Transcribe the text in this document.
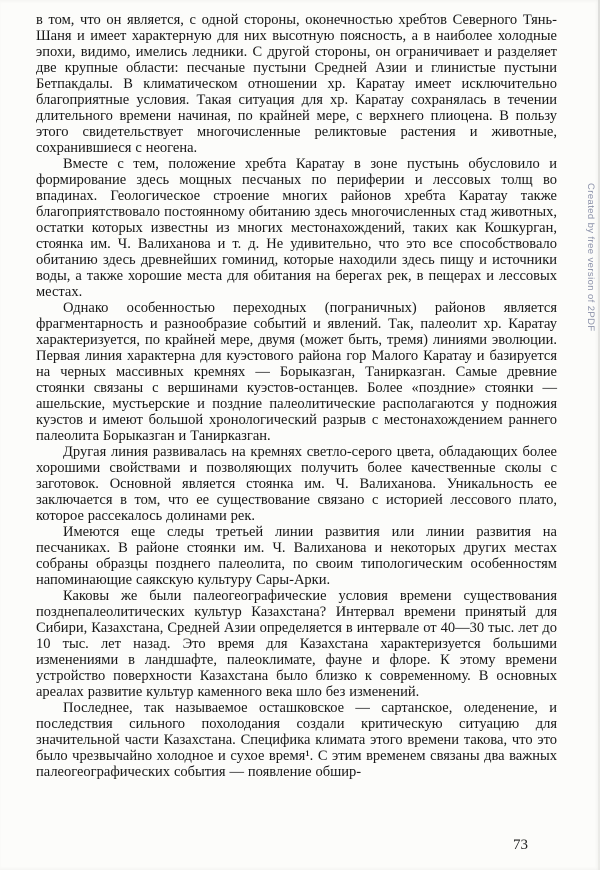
в том, что он является, с одной стороны, оконечностью хребтов Северного Тянь-Шаня и имеет характерную для них высотную поясность, а в наиболее холодные эпохи, видимо, имелись ледники. С другой стороны, он ограничивает и разделяет две крупные области: песчаные пустыни Средней Азии и глинистые пустыни Бетпакдалы. В климатическом отношении хр. Каратау имеет исключительно благоприятные условия. Такая ситуация для хр. Каратау сохранялась в течении длительного времени начиная, по крайней мере, с верхнего плиоцена. В пользу этого свидетельствует многочисленные реликтовые растения и животные, сохранившиеся с неогена.

Вместе с тем, положение хребта Каратау в зоне пустынь обусловило и формирование здесь мощных песчаных по периферии и лессовых толщ во впадинах. Геологическое строение многих районов хребта Каратау также благоприятствовало постоянному обитанию здесь многочисленных стад животных, остатки которых известны из многих местонахождений, таких как Кошкурган, стоянка им. Ч. Валиханова и т. д. Не удивительно, что это все способствовало обитанию здесь древнейших гоминид, которые находили здесь пищу и источники воды, а также хорошие места для обитания на берегах рек, в пещерах и лессовых местах.

Однако особенностью переходных (пограничных) районов является фрагментарность и разнообразие событий и явлений. Так, палеолит хр. Каратау характеризуется, по крайней мере, двумя (может быть, тремя) линиями эволюции. Первая линия характерна для куэстового района гор Малого Каратау и базируется на черных массивных кремнях — Борыказган, Танирказган. Самые древние стоянки связаны с вершинами куэстов-останцев. Более «поздние» стоянки — ашельские, мустьерские и поздние палеолитические располагаются у подножия куэстов и имеют большой хронологический разрыв с местонахождением раннего палеолита Борыказган и Танирказган.

Другая линия развивалась на кремнях светло-серого цвета, обладающих более хорошими свойствами и позволяющих получить более качественные сколы с заготовок. Основной является стоянка им. Ч. Валиханова. Уникальность ее заключается в том, что ее существование связано с историей лессового плато, которое рассекалось долинами рек.

Имеются еще следы третьей линии развития или линии развития на песчаниках. В районе стоянки им. Ч. Валиханова и некоторых других местах собраны образцы позднего палеолита, по своим типологическим особенностям напоминающие саякскую культуру Сары-Арки.

Каковы же были палеогеографические условия времени существования позднепалеолитических культур Казахстана? Интервал времени принятый для Сибири, Казахстана, Средней Азии определяется в интервале от 40—30 тыс. лет до 10 тыс. лет назад. Это время для Казахстана характеризуется большими изменениями в ландшафте, палеоклимате, фауне и флоре. К этому времени устройство поверхности Казахстана было близко к современному. В основных ареалах развитие культур каменного века шло без изменений.

Последнее, так называемое осташковское — сартанское, оледенение, и последствия сильного похолодания создали критическую ситуацию для значительной части Казахстана. Специфика климата этого времени такова, что это было чрезвычайно холодное и сухое время¹. С этим временем связаны два важных палеогеографических события — появление обшир-

73
Created by free version of 2PDF
